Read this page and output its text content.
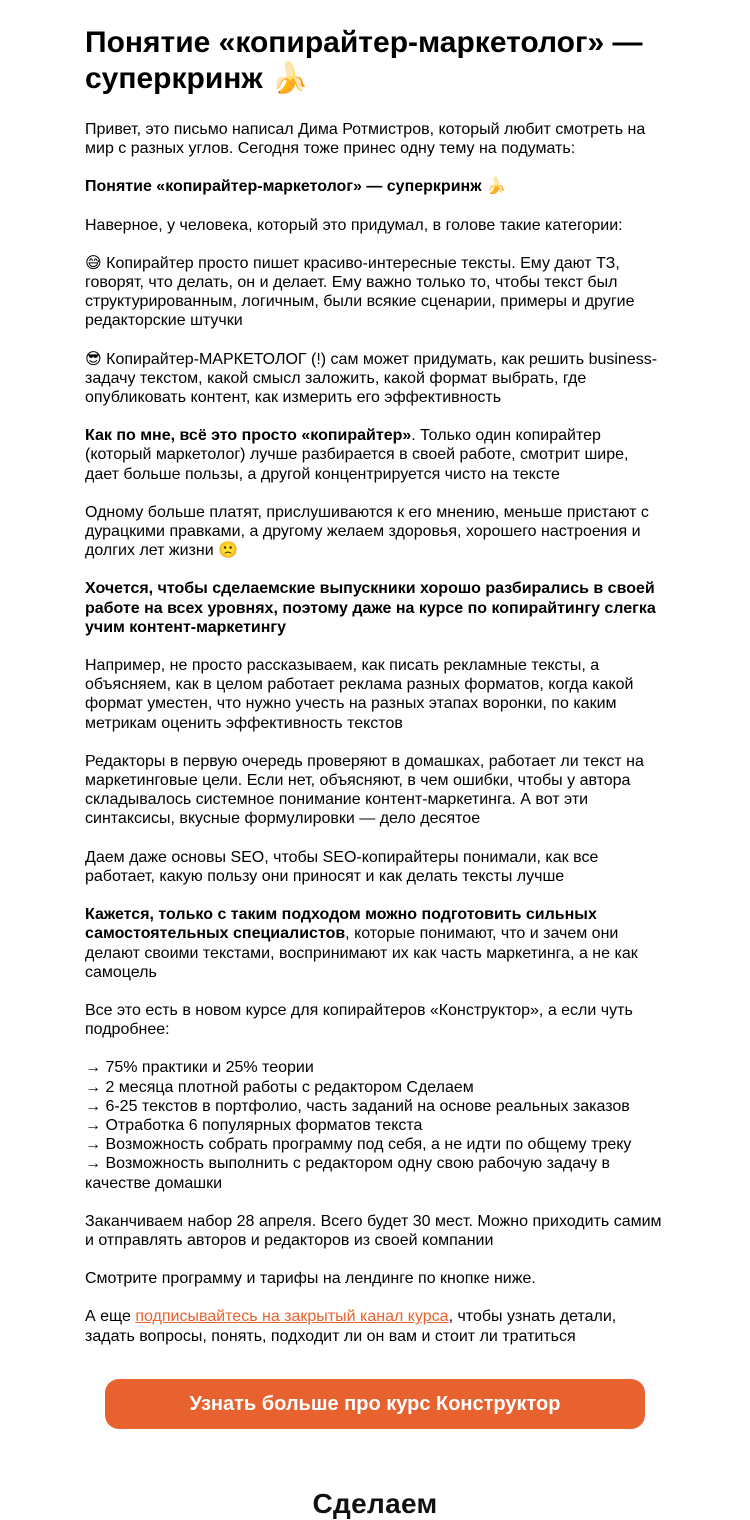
Понятие «копирайтер-маркетолог» — суперкринж 🍌

Привет, это письмо написал Дима Ротмистров, который любит смотреть на мир с разных углов. Сегодня тоже принес одну тему на подумать:

Понятие «копирайтер-маркетолог» — суперкринж 🍌

Наверное, у человека, который это придумал, в голове такие категории:

😅 Копирайтер просто пишет красиво-интересные тексты. Ему дают ТЗ, говорят, что делать, он и делает. Ему важно только то, чтобы текст был структурированным, логичным, были всякие сценарии, примеры и другие редакторские штучки

😎 Копирайтер-МАРКЕТОЛОГ (!) сам может придумать, как решить business-задачу текстом, какой смысл заложить, какой формат выбрать, где опубликовать контент, как измерить его эффективность

Как по мне, всё это просто «копирайтер». Только один копирайтер (который маркетолог) лучше разбирается в своей работе, смотрит шире, дает больше пользы, а другой концентрируется чисто на тексте

Одному больше платят, прислушиваются к его мнению, меньше пристают с дурацкими правками, а другому желаем здоровья, хорошего настроения и долгих лет жизни 🙁

Хочется, чтобы сделаемские выпускники хорошо разбирались в своей работе на всех уровнях, поэтому даже на курсе по копирайтингу слегка учим контент-маркетингу

Например, не просто рассказываем, как писать рекламные тексты, а объясняем, как в целом работает реклама разных форматов, когда какой формат уместен, что нужно учесть на разных этапах воронки, по каким метрикам оценить эффективность текстов

Редакторы в первую очередь проверяют в домашках, работает ли текст на маркетинговые цели. Если нет, объясняют, в чем ошибки, чтобы у автора складывалось системное понимание контент-маркетинга. А вот эти синтаксисы, вкусные формулировки — дело десятое

Даем даже основы SEO, чтобы SEO-копирайтеры понимали, как все работает, какую пользу они приносят и как делать тексты лучше

Кажется, только с таким подходом можно подготовить сильных самостоятельных специалистов, которые понимают, что и зачем они делают своими текстами, воспринимают их как часть маркетинга, а не как самоцель

Все это есть в новом курсе для копирайтеров «Конструктор», а если чуть подробнее:

→ 75% практики и 25% теории
→ 2 месяца плотной работы с редактором Сделаем
→ 6-25 текстов в портфолио, часть заданий на основе реальных заказов
→ Отработка 6 популярных форматов текста
→ Возможность собрать программу под себя, а не идти по общему треку
→ Возможность выполнить с редактором одну свою рабочую задачу в качестве домашки

Заканчиваем набор 28 апреля. Всего будет 30 мест. Можно приходить самим и отправлять авторов и редакторов из своей компании

Смотрите программу и тарифы на лендинге по кнопке ниже.

А еще подписывайтесь на закрытый канал курса, чтобы узнать детали, задать вопросы, понять, подходит ли он вам и стоит ли тратиться

Узнать больше про курс Конструктор
Сделаем
